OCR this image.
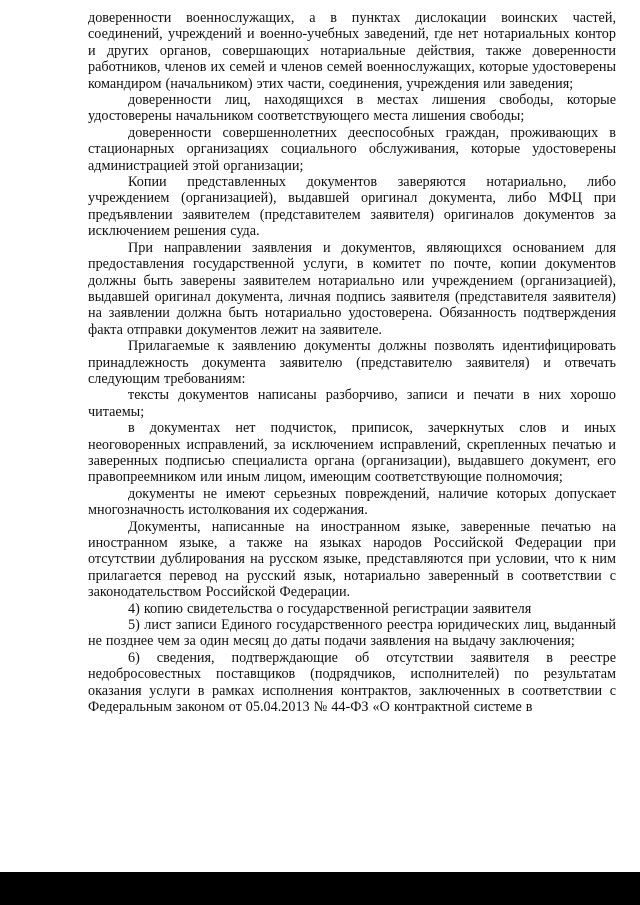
доверенности военнослужащих, а в пунктах дислокации воинских частей, соединений, учреждений и военно-учебных заведений, где нет нотариальных контор и других органов, совершающих нотариальные действия, также доверенности работников, членов их семей и членов семей военнослужащих, которые удостоверены командиром (начальником) этих части, соединения, учреждения или заведения;

доверенности лиц, находящихся в местах лишения свободы, которые удостоверены начальником соответствующего места лишения свободы;

доверенности совершеннолетних дееспособных граждан, проживающих в стационарных организациях социального обслуживания, которые удостоверены администрацией этой организации;

Копии представленных документов заверяются нотариально, либо учреждением (организацией), выдавшей оригинал документа, либо МФЦ при предъявлении заявителем (представителем заявителя) оригиналов документов за исключением решения суда.

При направлении заявления и документов, являющихся основанием для предоставления государственной услуги, в комитет по почте, копии документов должны быть заверены заявителем нотариально или учреждением (организацией), выдавшей оригинал документа, личная подпись заявителя (представителя заявителя) на заявлении должна быть нотариально удостоверена. Обязанность подтверждения факта отправки документов лежит на заявителе.

Прилагаемые к заявлению документы должны позволять идентифицировать принадлежность документа заявителю (представителю заявителя) и отвечать следующим требованиям:

тексты документов написаны разборчиво, записи и печати в них хорошо читаемы;

в документах нет подчисток, приписок, зачеркнутых слов и иных неоговоренных исправлений, за исключением исправлений, скрепленных печатью и заверенных подписью специалиста органа (организации), выдавшего документ, его правопреемником или иным лицом, имеющим соответствующие полномочия;

документы не имеют серьезных повреждений, наличие которых допускает многозначность истолкования их содержания.

Документы, написанные на иностранном языке, заверенные печатью на иностранном языке, а также на языках народов Российской Федерации при отсутствии дублирования на русском языке, представляются при условии, что к ним прилагается перевод на русский язык, нотариально заверенный в соответствии с законодательством Российской Федерации.

4) копию свидетельства о государственной регистрации заявителя

5) лист записи Единого государственного реестра юридических лиц, выданный не позднее чем за один месяц до даты подачи заявления на выдачу заключения;

6) сведения, подтверждающие об отсутствии заявителя в реестре недобросовестных поставщиков (подрядчиков, исполнителей) по результатам оказания услуги в рамках исполнения контрактов, заключенных в соответствии с Федеральным законом от 05.04.2013 № 44-ФЗ «О контрактной системе в
